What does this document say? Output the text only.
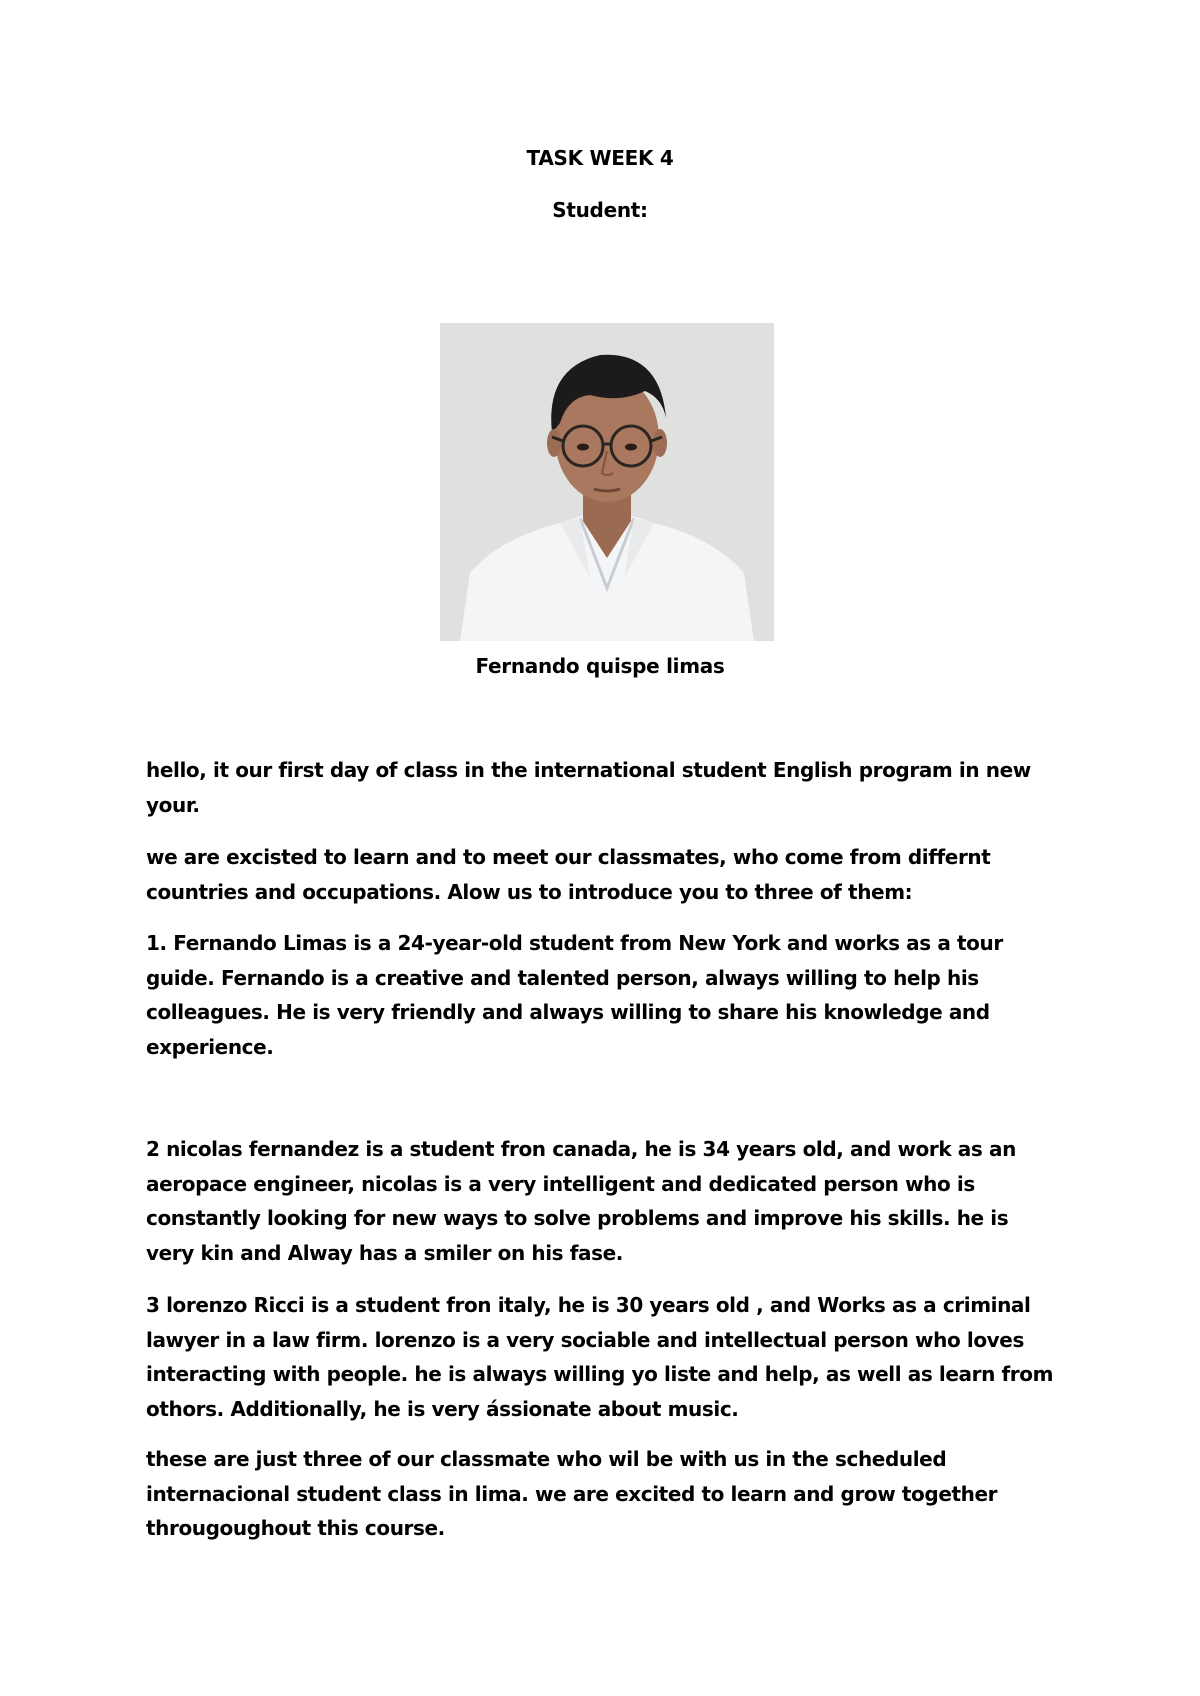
TASK WEEK 4
Student:
Fernando quispe limas

hello, it our first day of class in the international student English program in new your.

we are excisted to learn and to meet our classmates, who come from differnt countries and occupations. Alow us to introduce you to three of them:

1. Fernando Limas is a 24-year-old student from New York and works as a tour guide. Fernando is a creative and talented person, always willing to help his colleagues. He is very friendly and always willing to share his knowledge and experience.

2 nicolas fernandez is a student fron canada, he is 34 years old, and work as an aeropace engineer, nicolas is a very intelligent and dedicated person who is constantly looking for new ways to solve problems and improve his skills. he is very kin and Alway has a smiler on his fase.

3 lorenzo Ricci is a student fron italy, he is 30 years old , and Works as a criminal lawyer in a law firm. lorenzo is a very sociable and intellectual person who loves interacting with people. he is always willing yo liste and help, as well as learn from othors. Additionally, he is very ássionate about music.

these are just three of our classmate who wil be with us in the scheduled internacional student class in lima. we are excited to learn and grow together througoughout this course.
